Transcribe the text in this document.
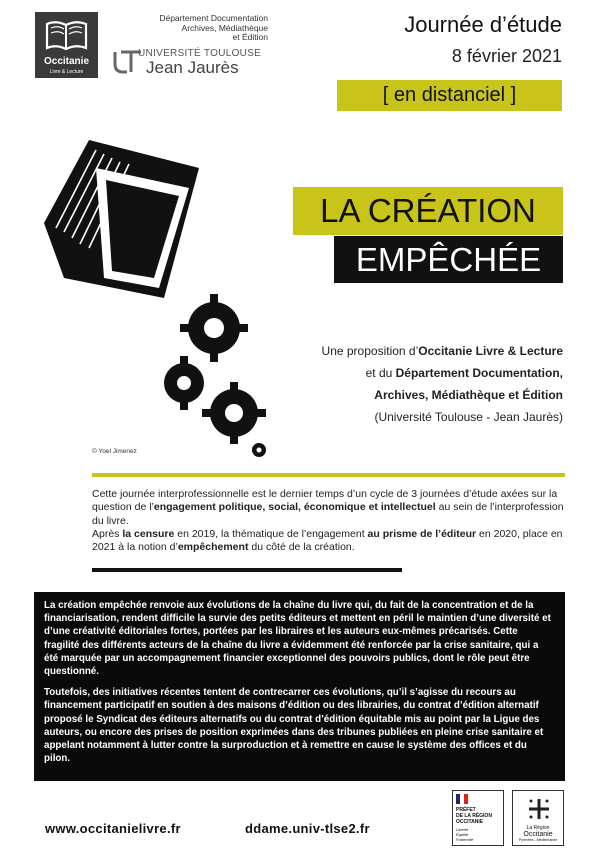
Occitanie
Livre & Lecture
Département Documentation
Archives, Médiathèque
et Édition
UNIVERSITÉ TOULOUSE
Jean Jaurès
Journée d’étude
8 février 2021
[ en distanciel ]
© Yoel Jimenez
LA CRÉATION
EMPÊCHÉE
Une proposition d’Occitanie Livre & Lecture
et du Département Documentation,
Archives, Médiathèque et Édition
(Université Toulouse - Jean Jaurès)
Cette journée interprofessionnelle est le dernier temps d’un cycle de 3 journées d’étude axées sur la question de l’engagement politique, social, économique et intellectuel au sein de l’interprofession du livre.
Après la censure en 2019, la thématique de l’engagement au prisme de l’éditeur en 2020, place en 2021 à la notion d’empêchement du côté de la création.

La création empêchée renvoie aux évolutions de la chaîne du livre qui, du fait de la concentration et de la financiarisation, rendent difficile la survie des petits éditeurs et mettent en péril le maintien d’une diversité et d’une créativité éditoriales fortes, portées par les libraires et les auteurs eux-mêmes précarisés. Cette fragilité des différents acteurs de la chaîne du livre a évidemment été renforcée par la crise sanitaire, qui a été marquée par un accompagnement financier exceptionnel des pouvoirs publics, dont le rôle peut être questionné.

Toutefois, des initiatives récentes tentent de contrecarrer ces évolutions, qu’il s’agisse du recours au financement participatif en soutien à des maisons d’édition ou des librairies, du contrat d’édition alternatif proposé le Syndicat des éditeurs alternatifs ou du contrat d’édition équitable mis au point par la Ligue des auteurs, ou encore des prises de position exprimées dans des tribunes publiées en pleine crise sanitaire et appelant notamment à lutter contre la surproduction et à remettre en cause le système des offices et du pilon.

www.occitanielivre.fr	ddame.univ-tlse2.fr
PRÉFET
DE LA RÉGION
OCCITANIE
Liberté
Égalité
Fraternité
La Région
Occitanie
Pyrénées - Méditerranée
